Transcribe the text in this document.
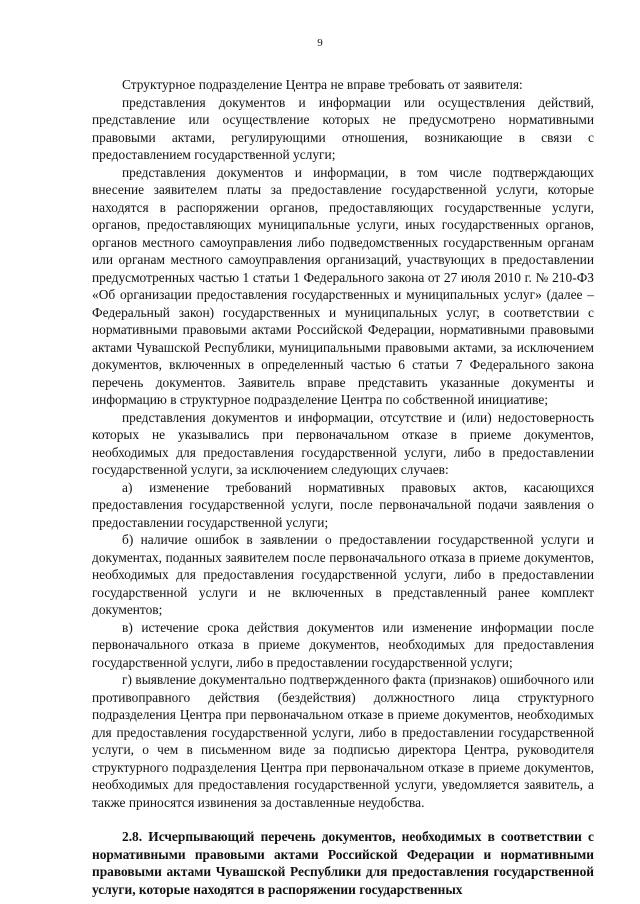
9

Структурное подразделение Центра не вправе требовать от заявителя:

представления документов и информации или осуществления действий, представление или осуществление которых не предусмотрено нормативными правовыми актами, регулирующими отношения, возникающие в связи с предоставлением государственной услуги;

представления документов и информации, в том числе подтверждающих внесение заявителем платы за предоставление государственной услуги, которые находятся в распоряжении органов, предоставляющих государственные услуги, органов, предоставляющих муниципальные услуги, иных государственных органов, органов местного самоуправления либо подведомственных государственным органам или органам местного самоуправления организаций, участвующих в предоставлении предусмотренных частью 1 статьи 1 Федерального закона от 27 июля 2010 г. № 210-ФЗ «Об организации предоставления государственных и муниципальных услуг» (далее – Федеральный закон) государственных и муниципальных услуг, в соответствии с нормативными правовыми актами Российской Федерации, нормативными правовыми актами Чувашской Республики, муниципальными правовыми актами, за исключением документов, включенных в определенный частью 6 статьи 7 Федерального закона перечень документов. Заявитель вправе представить указанные документы и информацию в структурное подразделение Центра по собственной инициативе;

представления документов и информации, отсутствие и (или) недостоверность которых не указывались при первоначальном отказе в приеме документов, необходимых для предоставления государственной услуги, либо в предоставлении государственной услуги, за исключением следующих случаев:

а) изменение требований нормативных правовых актов, касающихся предоставления государственной услуги, после первоначальной подачи заявления о предоставлении государственной услуги;

б) наличие ошибок в заявлении о предоставлении государственной услуги и документах, поданных заявителем после первоначального отказа в приеме документов, необходимых для предоставления государственной услуги, либо в предоставлении государственной услуги и не включенных в представленный ранее комплект документов;

в) истечение срока действия документов или изменение информации после первоначального отказа в приеме документов, необходимых для предоставления государственной услуги, либо в предоставлении государственной услуги;

г) выявление документально подтвержденного факта (признаков) ошибочного или противоправного действия (бездействия) должностного лица структурного подразделения Центра при первоначальном отказе в приеме документов, необходимых для предоставления государственной услуги, либо в предоставлении государственной услуги, о чем в письменном виде за подписью директора Центра, руководителя структурного подразделения Центра при первоначальном отказе в приеме документов, необходимых для предоставления государственной услуги, уведомляется заявитель, а также приносятся извинения за доставленные неудобства.

2.8. Исчерпывающий перечень документов, необходимых в соответствии с нормативными правовыми актами Российской Федерации и нормативными правовыми актами Чувашской Республики для предоставления государственной услуги, которые находятся в распоряжении государственных
